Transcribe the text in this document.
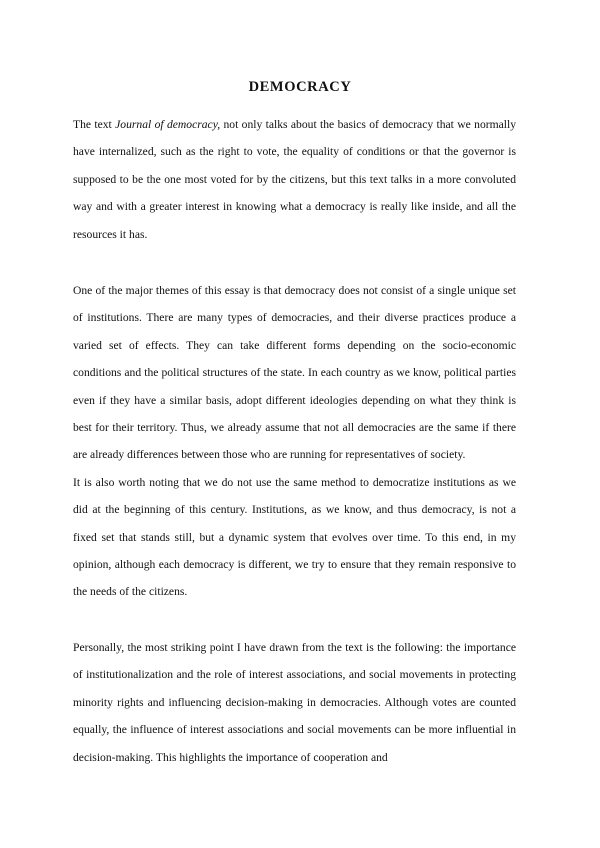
DEMOCRACY

The text Journal of democracy, not only talks about the basics of democracy that we normally have internalized, such as the right to vote, the equality of conditions or that the governor is supposed to be the one most voted for by the citizens, but this text talks in a more convoluted way and with a greater interest in knowing what a democracy is really like inside, and all the resources it has.

One of the major themes of this essay is that democracy does not consist of a single unique set of institutions. There are many types of democracies, and their diverse practices produce a varied set of effects. They can take different forms depending on the socio-economic conditions and the political structures of the state. In each country as we know, political parties even if they have a similar basis, adopt different ideologies depending on what they think is best for their territory. Thus, we already assume that not all democracies are the same if there are already differences between those who are running for representatives of society.

It is also worth noting that we do not use the same method to democratize institutions as we did at the beginning of this century. Institutions, as we know, and thus democracy, is not a fixed set that stands still, but a dynamic system that evolves over time. To this end, in my opinion, although each democracy is different, we try to ensure that they remain responsive to the needs of the citizens.

Personally, the most striking point I have drawn from the text is the following: the importance of institutionalization and the role of interest associations, and social movements in protecting minority rights and influencing decision-making in democracies. Although votes are counted equally, the influence of interest associations and social movements can be more influential in decision-making. This highlights the importance of cooperation and
